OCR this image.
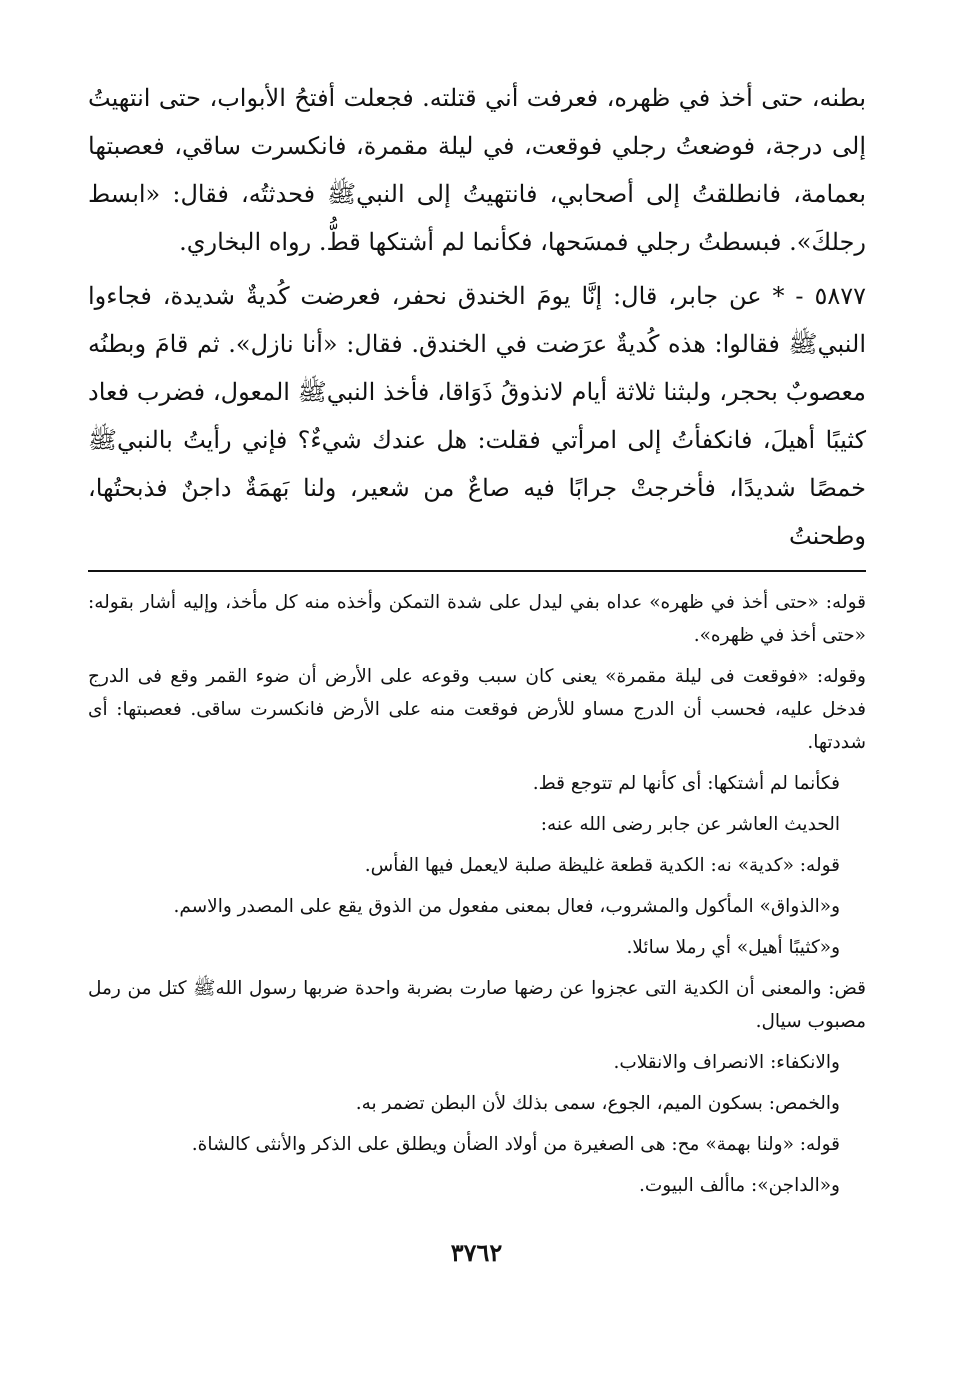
بطنه، حتى أخذ في ظهره، فعرفت أني قتلته. فجعلت أفتحُ الأبواب، حتى انتهيتُ إلى درجة، فوضعتُ رجلي فوقعت، في ليلة مقمرة، فانكسرت ساقي، فعصبتها بعمامة، فانطلقتُ إلى أصحابي، فانتهيتُ إلى النبيﷺ فحدثتُه، فقال: «ابسط رجلكَ». فبسطتُ رجلي فمسَحها، فكأنما لم أشتكها قطُّ. رواه البخاري.

٥٨٧٧ - * عن جابر، قال: إنَّا يومَ الخندق نحفر، فعرضت كُديةٌ شديدة، فجاءوا النبيﷺ فقالوا: هذه كُديةٌ عرَضت في الخندق. فقال: «أنا نازل». ثم قامَ وبطنُه معصوبٌ بحجر، ولبثنا ثلاثة أيام لانذوقُ ذَوَاقا، فأخذ النبيﷺ المعول، فضرب فعاد كثيبًا أهيلَ، فانكفأتُ إلى امرأتي فقلت: هل عندك شيءٌ؟ فإني رأيتُ بالنبيﷺ خمصًا شديدًا، فأخرجتْ جرابًا فيه صاعٌ من شعير، ولنا بَهمَةٌ داجنٌ فذبحتُها، وطحنتُ

قوله: «حتى أخذ في ظهره» عداه بفي ليدل على شدة التمكن وأخذه منه كل مأخذ، وإليه أشار بقوله: «حتى أخذ في ظهره».

وقوله: «فوقعت فى ليلة مقمرة» يعنى كان سبب وقوعه على الأرض أن ضوء القمر وقع فى الدرج فدخل عليه، فحسب أن الدرج مساو للأرض فوقعت منه على الأرض فانكسرت ساقى. فعصبتها: أى شددتها.

فكأنما لم أشتكها: أى كأنها لم تتوجع قط.

الحديث العاشر عن جابر رضى الله عنه:

قوله: «كدية» نه: الكدية قطعة غليظة صلبة لايعمل فيها الفأس.

و«الذواق» المأكول والمشروب، فعال بمعنى مفعول من الذوق يقع على المصدر والاسم.

و«كثيبًا أهيل» أي رملا سائلا.

قض: والمعنى أن الكدية التى عجزوا عن رضها صارت بضربة واحدة ضربها رسول اللهﷺ كتل من رمل مصبوب سيال.

والانكفاء: الانصراف والانقلاب.

والخمص: بسكون الميم، الجوع، سمى بذلك لأن البطن تضمر به.

قوله: «ولنا بهمة» مح: هى الصغيرة من أولاد الضأن ويطلق على الذكر والأنثى كالشاة.

و«الداجن»: ماألف البيوت.

٣٧٦٢
